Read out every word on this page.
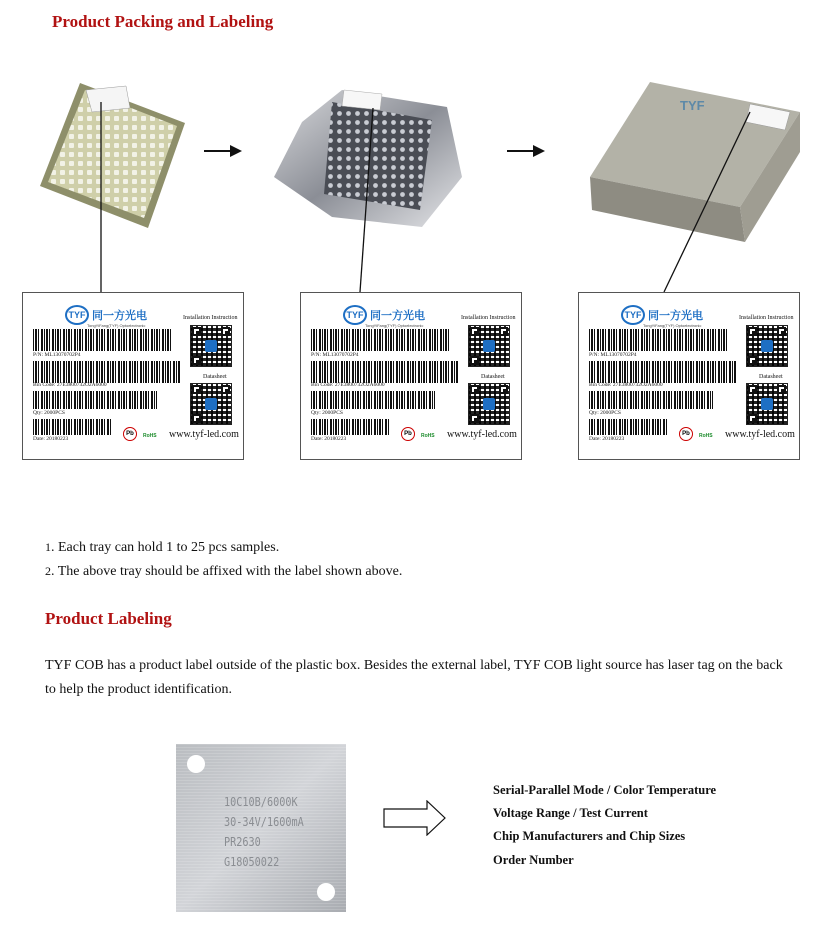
Product Packing and Labeling
TYF
TYF 同一方光电
TongYiFang(TYF) Optoelectronic
Installation Instruction
P/N: ML13070702P4
Bin Code: 27E3800732O2A6000
Qty: 2000PCS
Date: 20180223
Datasheet
Pb	RoHS www.tyf-led.com
TYF 同一方光电
TongYiFang(TYF) Optoelectronic
Installation Instruction
P/N: ML13070702P4
Bin Code: 27E3800732O2A6000
Qty: 2000PCS
Date: 20180223
Datasheet
Pb	RoHS www.tyf-led.com
TYF 同一方光电
TongYiFang(TYF) Optoelectronic
Installation Instruction
P/N: ML13070702P4
Bin Code: 27E3800732O2A6000
Qty: 2000PCS
Date: 20180223
Datasheet
Pb	RoHS www.tyf-led.com
1. Each tray can hold 1 to 25 pcs samples.
2. The above tray should be affixed with the label shown above.
Product Labeling
TYF COB has a product label outside of the plastic box. Besides the external label, TYF COB light source has laser tag on the back to help the product identification.
10C10B/6000K
30-34V/1600mA
PR2630
G18050022
Serial-Parallel Mode / Color Temperature
Voltage Range / Test Current
Chip Manufacturers and Chip Sizes
Order Number
